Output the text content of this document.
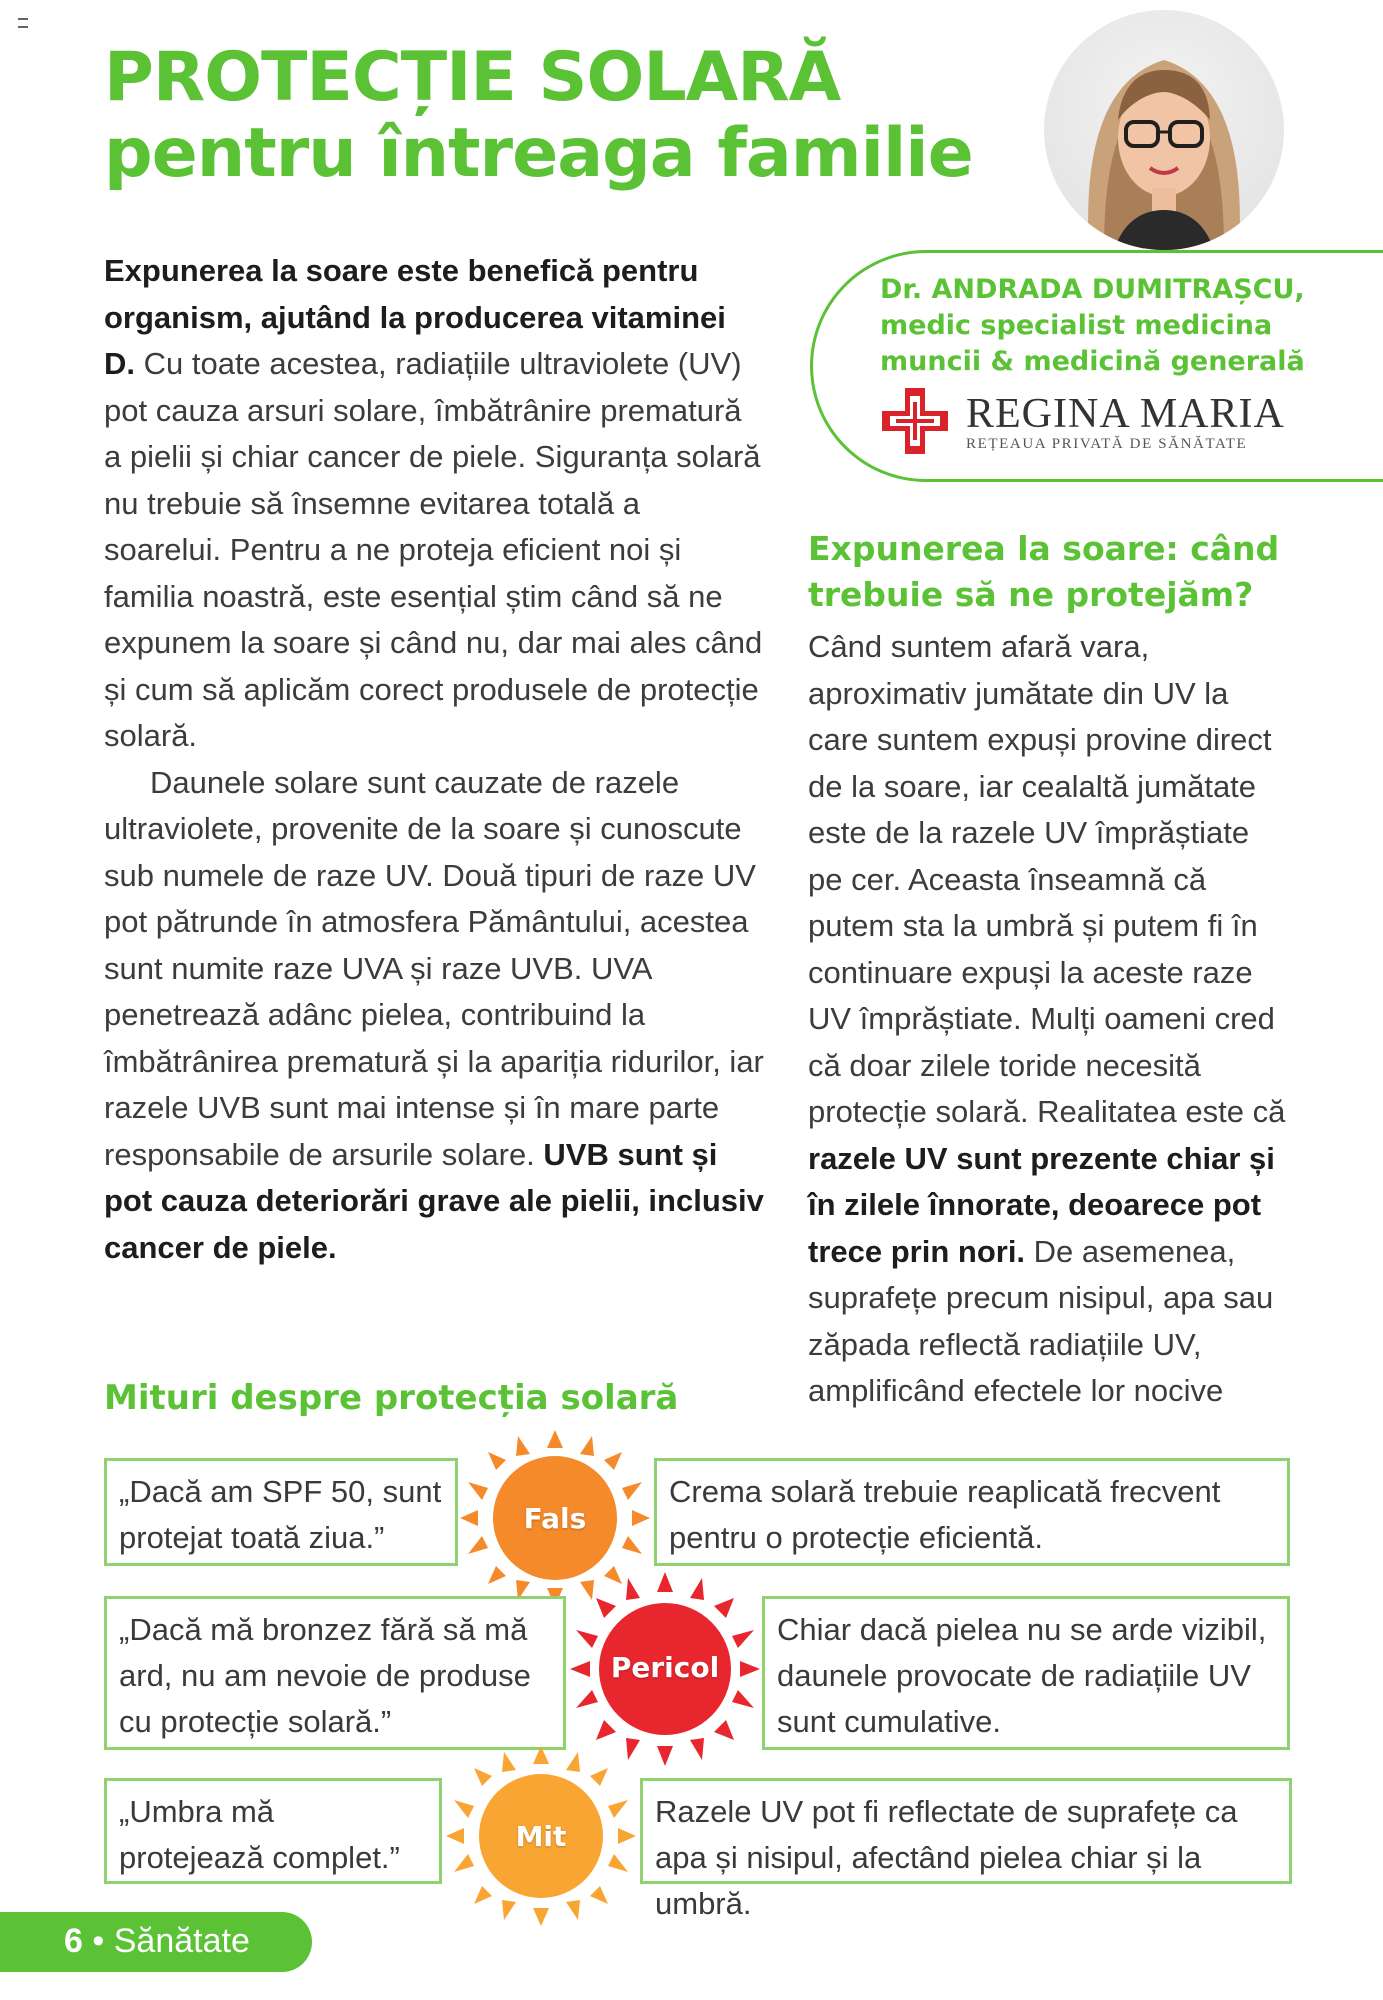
PROTECȚIE SOLARĂ
pentru întreaga familie
Dr. ANDRADA DUMITRAȘCU,
medic specialist medicina
muncii & medicină generală
REGINA MARIA
REȚEAUA PRIVATĂ DE SĂNĂTATE

Expunerea la soare este benefică pentru organism, ajutând la producerea vitaminei D. Cu toate acestea, radiațiile ultraviolete (UV) pot cauza arsuri solare, îmbătrânire prematură a pielii și chiar cancer de piele. Siguranța solară nu trebuie să însemne evitarea totală a soarelui. Pentru a ne proteja eficient noi și familia noastră, este esențial știm când să ne expunem la soare și când nu, dar mai ales când și cum să aplicăm corect produsele de protecție solară.

Daunele solare sunt cauzate de razele ultraviolete, provenite de la soare și cunoscute sub numele de raze UV. Două tipuri de raze UV pot pătrunde în atmosfera Pământului, acestea sunt numite raze UVA și raze UVB. UVA penetrează adânc pielea, contribuind la îmbătrânirea prematură și la apariția ridurilor, iar razele UVB sunt mai intense și în mare parte responsabile de arsurile solare. UVB sunt și pot cauza deteriorări grave ale pielii, inclusiv cancer de piele.

Expunerea la soare: când trebuie să ne protejăm?

Când suntem afară vara, aproximativ jumătate din UV la care suntem expuși provine direct de la soare, iar cealaltă jumătate este de la razele UV împrăștiate pe cer. Aceasta înseamnă că putem sta la umbră și putem fi în continuare expuși la aceste raze UV împrăștiate. Mulți oameni cred că doar zilele toride necesită protecție solară. Realitatea este că razele UV sunt prezente chiar și în zilele înnorate, deoarece pot trece prin nori. De asemenea, suprafețe precum nisipul, apa sau zăpada reflectă radiațiile UV, amplificând efectele lor nocive

Mituri despre protecția solară
„Dacă am SPF 50, sunt protejat toată ziua.”
Crema solară trebuie reaplicată frecvent pentru o protecție eficientă.
Fals
„Dacă mă bronzez fără să mă ard, nu am nevoie de produse cu protecție solară.”
Chiar dacă pielea nu se arde vizibil, daunele provocate de radiațiile UV sunt cumulative.
Pericol
„Umbra mă protejează complet.”
Razele UV pot fi reflectate de suprafețe ca apa și nisipul, afectând pielea chiar și la umbră.
Mit
6 • Sănătate
